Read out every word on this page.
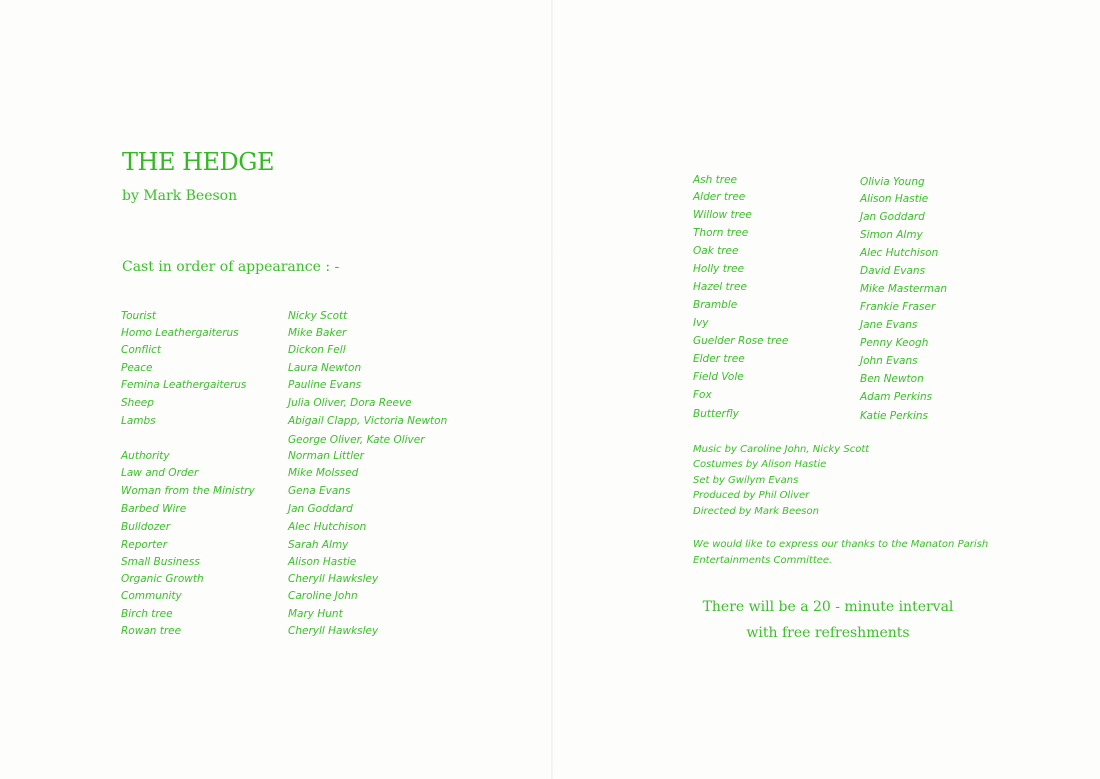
THE HEDGE
by Mark Beeson
Cast in order of appearance : -
Tourist	Nicky Scott
Homo Leathergaiterus	Mike Baker
Conflict	Dickon Fell
Peace	Laura Newton
Femina Leathergaiterus	Pauline Evans
Sheep	Julia Oliver, Dora Reeve
Lambs	Abigail Clapp, Victoria Newton
George Oliver, Kate Oliver
Authority	Norman Littler
Law and Order	Mike Molssed
Woman from the Ministry	Gena Evans
Barbed Wire	Jan Goddard
Bulldozer	Alec Hutchison
Reporter	Sarah Almy
Small Business	Alison Hastie
Organic Growth	Cheryll Hawksley
Community	Caroline John
Birch tree	Mary Hunt
Rowan tree	Cheryll Hawksley
Ash tree	Olivia Young
Alder tree	Alison Hastie
Willow tree	Jan Goddard
Thorn tree	Simon Almy
Oak tree	Alec Hutchison
Holly tree	David Evans
Hazel tree	Mike Masterman
Bramble	Frankie Fraser
Ivy	Jane Evans
Guelder Rose tree	Penny Keogh
Elder tree	John Evans
Field Vole	Ben Newton
Fox	Adam Perkins
Butterfly	Katie Perkins
Music by Caroline John, Nicky Scott
Costumes by Alison Hastie
Set by Gwilym Evans
Produced by Phil Oliver
Directed by Mark Beeson
We would like to express our thanks to the Manaton Parish Entertainments Committee.
There will be a 20 - minute interval
with free refreshments
